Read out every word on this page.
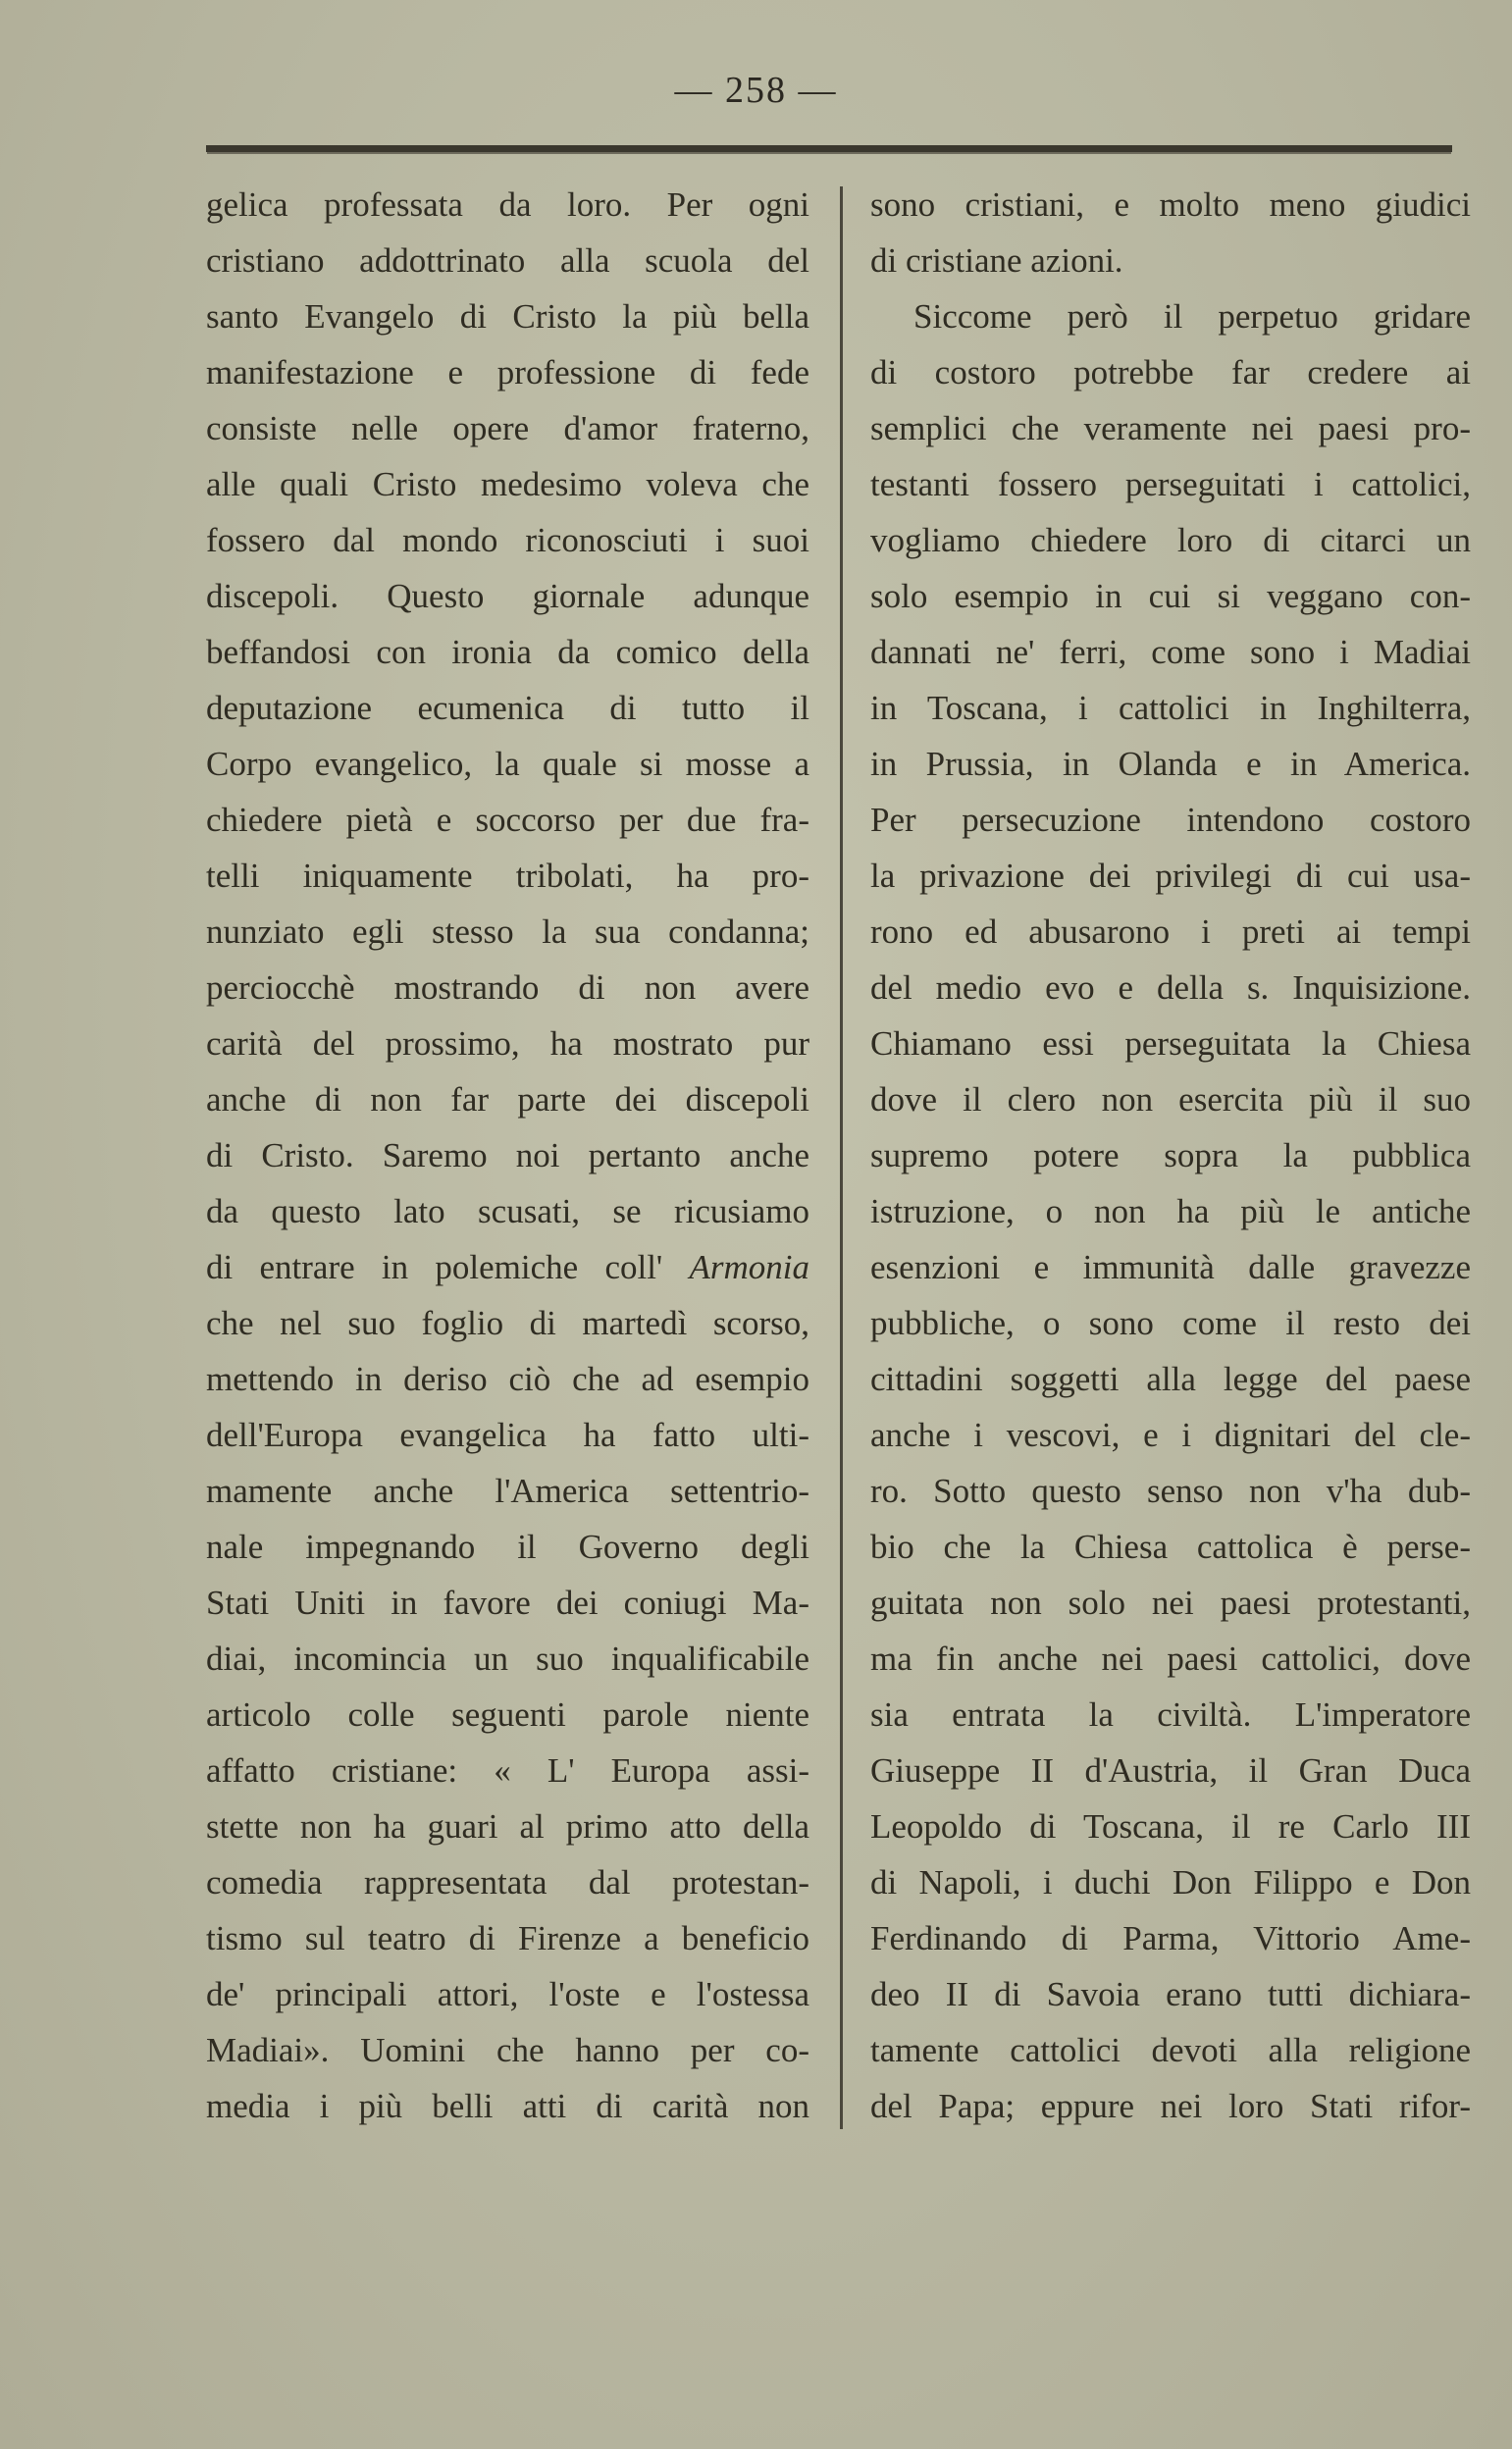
— 258 —
gelica professata da loro. Per ogni
cristiano addottrinato alla scuola del
santo Evangelo di Cristo la più bella
manifestazione e professione di fede
consiste nelle opere d'amor fraterno,
alle quali Cristo medesimo voleva che
fossero dal mondo riconosciuti i suoi
discepoli. Questo giornale adunque
beffandosi con ironia da comico della
deputazione ecumenica di tutto il
Corpo evangelico, la quale si mosse a
chiedere pietà e soccorso per due fra-
telli iniquamente tribolati, ha pro-
nunziato egli stesso la sua condanna;
perciocchè mostrando di non avere
carità del prossimo, ha mostrato pur
anche di non far parte dei discepoli
di Cristo. Saremo noi pertanto anche
da questo lato scusati, se ricusiamo
di entrare in polemiche coll' Armonia
che nel suo foglio di martedì scorso,
mettendo in deriso ciò che ad esempio
dell'Europa evangelica ha fatto ulti-
mamente anche l'America settentrio-
nale impegnando il Governo degli
Stati Uniti in favore dei coniugi Ma-
diai, incomincia un suo inqualificabile
articolo colle seguenti parole niente
affatto cristiane: « L' Europa assi-
stette non ha guari al primo atto della
comedia rappresentata dal protestan-
tismo sul teatro di Firenze a beneficio
de' principali attori, l'oste e l'ostessa
Madiai». Uomini che hanno per co-
media i più belli atti di carità non
sono cristiani, e molto meno giudici
di cristiane azioni.
Siccome però il perpetuo gridare
di costoro potrebbe far credere ai
semplici che veramente nei paesi pro-
testanti fossero perseguitati i cattolici,
vogliamo chiedere loro di citarci un
solo esempio in cui si veggano con-
dannati ne' ferri, come sono i Madiai
in Toscana, i cattolici in Inghilterra,
in Prussia, in Olanda e in America.
Per persecuzione intendono costoro
la privazione dei privilegi di cui usa-
rono ed abusarono i preti ai tempi
del medio evo e della s. Inquisizione.
Chiamano essi perseguitata la Chiesa
dove il clero non esercita più il suo
supremo potere sopra la pubblica
istruzione, o non ha più le antiche
esenzioni e immunità dalle gravezze
pubbliche, o sono come il resto dei
cittadini soggetti alla legge del paese
anche i vescovi, e i dignitari del cle-
ro. Sotto questo senso non v'ha dub-
bio che la Chiesa cattolica è perse-
guitata non solo nei paesi protestanti,
ma fin anche nei paesi cattolici, dove
sia entrata la civiltà. L'imperatore
Giuseppe II d'Austria, il Gran Duca
Leopoldo di Toscana, il re Carlo III
di Napoli, i duchi Don Filippo e Don
Ferdinando di Parma, Vittorio Ame-
deo II di Savoia erano tutti dichiara-
tamente cattolici devoti alla religione
del Papa; eppure nei loro Stati rifor-
